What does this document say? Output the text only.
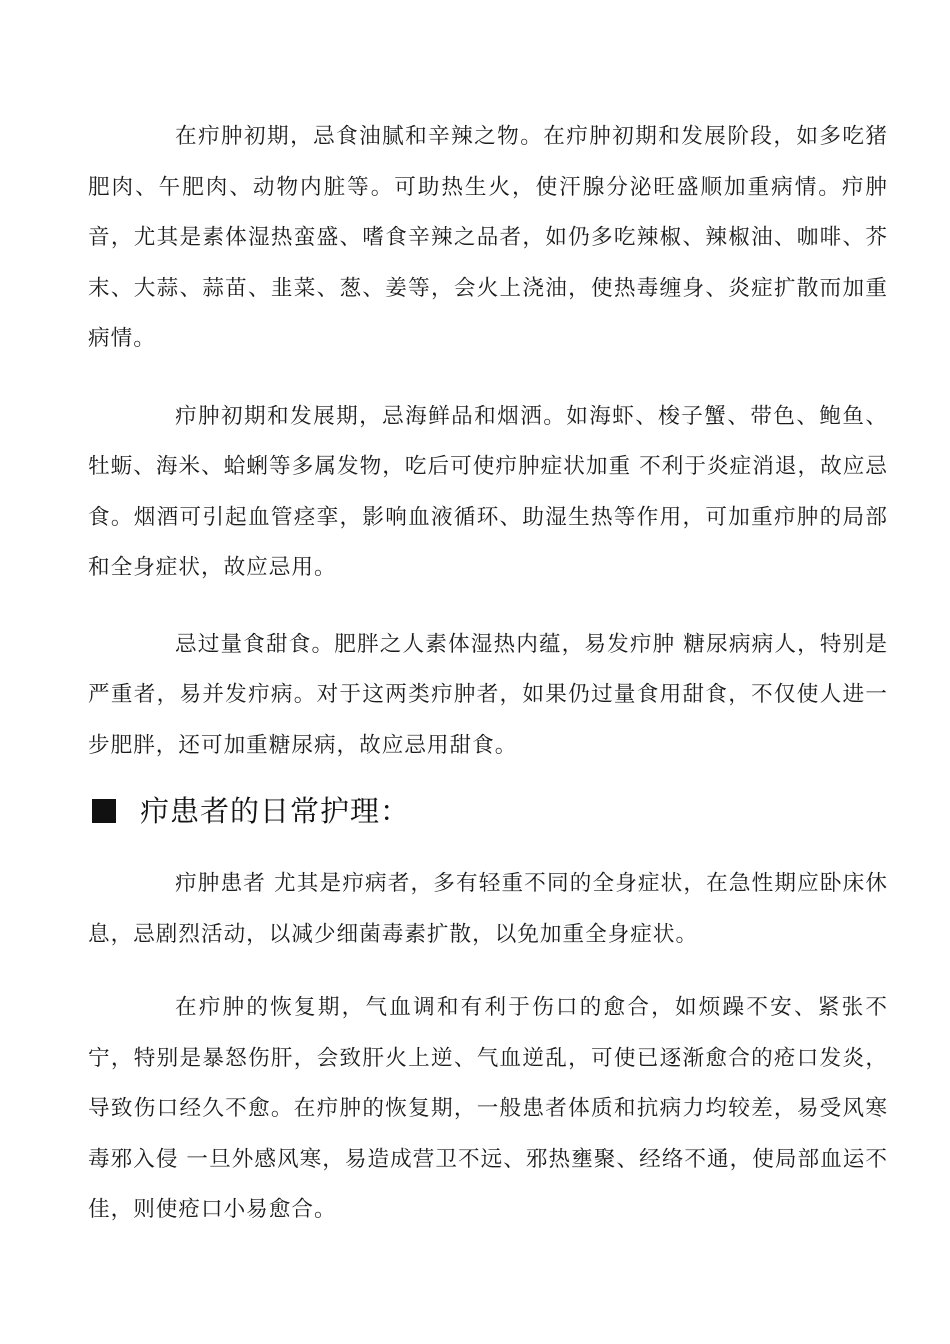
在疖肿初期，忌食油腻和辛辣之物。在疖肿初期和发展阶段，如多吃猪肥肉、午肥肉、动物内脏等。可助热生火，使汗腺分泌旺盛顺加重病情。疖肿音，尤其是素体湿热蛮盛、嗜食辛辣之品者，如仍多吃辣椒、辣椒油、咖啡、芥末、大蒜、蒜苗、韭菜、葱、姜等，会火上浇油，使热毒缠身、炎症扩散而加重病情。

疖肿初期和发展期，忌海鲜品和烟洒。如海虾、梭子蟹、带色、鲍鱼、牡蛎、海米、蛤蜊等多属发物，吃后可使疖肿症状加重 不利于炎症消退，故应忌食。烟酒可引起血管痉挛，影响血液循环、助湿生热等作用，可加重疖肿的局部和全身症状，故应忌用。

忌过量食甜食。肥胖之人素体湿热内蕴，易发疖肿 糖尿病病人，特别是严重者，易并发疖病。对于这两类疖肿者，如果仍过量食用甜食，不仅使人进一步肥胖，还可加重糖尿病，故应忌用甜食。

疖患者的日常护理：

疖肿患者 尤其是疖病者，多有轻重不同的全身症状，在急性期应卧床休息，忌剧烈活动，以减少细菌毒素扩散，以免加重全身症状。

在疖肿的恢复期，气血调和有利于伤口的愈合，如烦躁不安、紧张不宁，特别是暴怒伤肝，会致肝火上逆、气血逆乱，可使已逐渐愈合的疮口发炎，导致伤口经久不愈。在疖肿的恢复期，一般患者体质和抗病力均较差，易受风寒毒邪入侵 一旦外感风寒，易造成营卫不远、邪热壅聚、经络不通，使局部血运不佳，则使疮口小易愈合。
